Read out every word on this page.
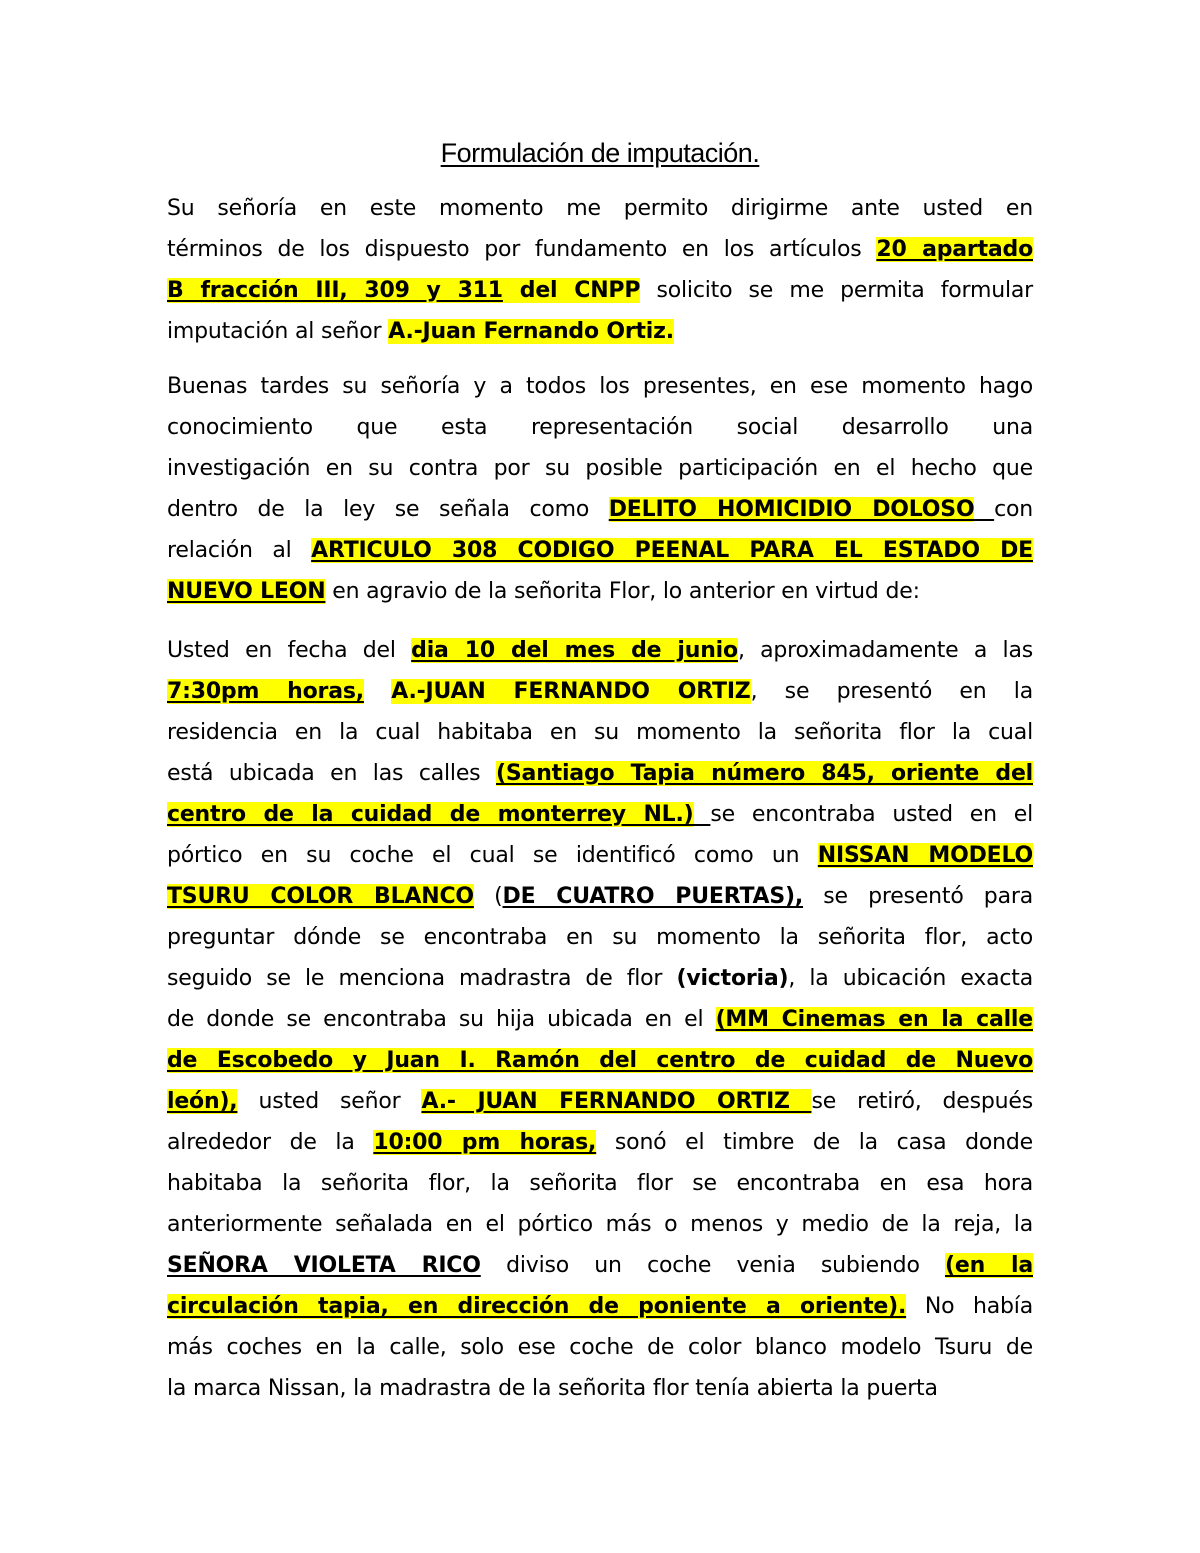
Formulación de imputación.
Su señoría en este momento me permito dirigirme ante usted en
términos de los dispuesto por fundamento en los artículos 20 apartado
B fracción III, 309 y 311 del CNPP solicito se me permita formular
imputación al señor A.-Juan Fernando Ortiz.
Buenas tardes su señoría y a todos los presentes, en ese momento hago
conocimiento que esta representación social desarrollo una
investigación en su contra por su posible participación en el hecho que
dentro de la ley se señala como DELITO HOMICIDIO DOLOSO con
relación al ARTICULO 308 CODIGO PEENAL PARA EL ESTADO DE
NUEVO LEON en agravio de la señorita Flor, lo anterior en virtud de:
Usted en fecha del dia 10 del mes de junio, aproximadamente a las
7:30pm horas, A.-JUAN FERNANDO ORTIZ, se presentó en la
residencia en la cual habitaba en su momento la señorita flor la cual
está ubicada en las calles (Santiago Tapia número 845, oriente del
centro de la cuidad de monterrey NL.) se encontraba usted en el
pórtico en su coche el cual se identificó como un NISSAN MODELO
TSURU COLOR BLANCO (DE CUATRO PUERTAS), se presentó para
preguntar dónde se encontraba en su momento la señorita flor, acto
seguido se le menciona madrastra de flor (victoria), la ubicación exacta
de donde se encontraba su hija ubicada en el (MM Cinemas en la calle
de Escobedo y Juan I. Ramón del centro de cuidad de Nuevo
león), usted señor A.- JUAN FERNANDO ORTIZ se retiró, después
alrededor de la 10:00 pm horas, sonó el timbre de la casa donde
habitaba la señorita flor, la señorita flor se encontraba en esa hora
anteriormente señalada en el pórtico más o menos y medio de la reja, la
SEÑORA VIOLETA RICO diviso un coche venia subiendo (en la
circulación tapia, en dirección de poniente a oriente). No había
más coches en la calle, solo ese coche de color blanco modelo Tsuru de
la marca Nissan, la madrastra de la señorita flor tenía abierta la puerta
